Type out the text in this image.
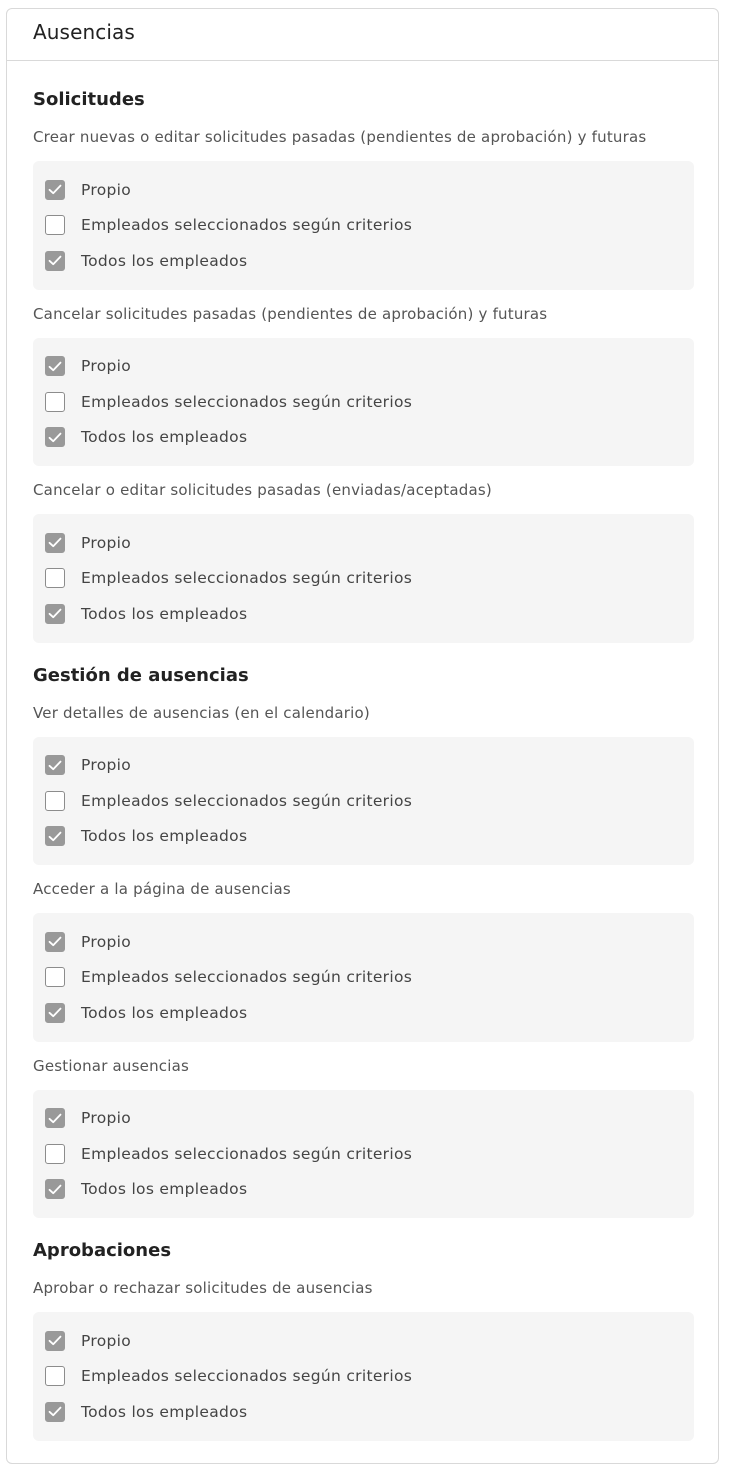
Ausencias
Solicitudes
Crear nuevas o editar solicitudes pasadas (pendientes de aprobación) y futuras
Propio
Empleados seleccionados según criterios
Todos los empleados
Cancelar solicitudes pasadas (pendientes de aprobación) y futuras
Propio
Empleados seleccionados según criterios
Todos los empleados
Cancelar o editar solicitudes pasadas (enviadas/aceptadas)
Propio
Empleados seleccionados según criterios
Todos los empleados
Gestión de ausencias
Ver detalles de ausencias (en el calendario)
Propio
Empleados seleccionados según criterios
Todos los empleados
Acceder a la página de ausencias
Propio
Empleados seleccionados según criterios
Todos los empleados
Gestionar ausencias
Propio
Empleados seleccionados según criterios
Todos los empleados
Aprobaciones
Aprobar o rechazar solicitudes de ausencias
Propio
Empleados seleccionados según criterios
Todos los empleados
